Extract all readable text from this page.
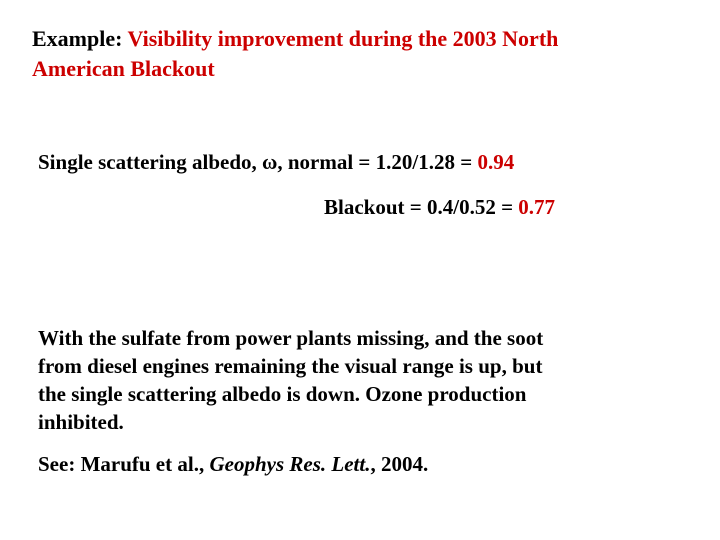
Example: Visibility improvement during the 2003 North
American Blackout
Single scattering albedo, ω, normal = 1.20/1.28 = 0.94
Blackout = 0.4/0.52 = 0.77
With the sulfate from power plants missing, and the soot
from diesel engines remaining the visual range is up, but
the single scattering albedo is down. Ozone production
inhibited.
See: Marufu et al., Geophys Res. Lett., 2004.
